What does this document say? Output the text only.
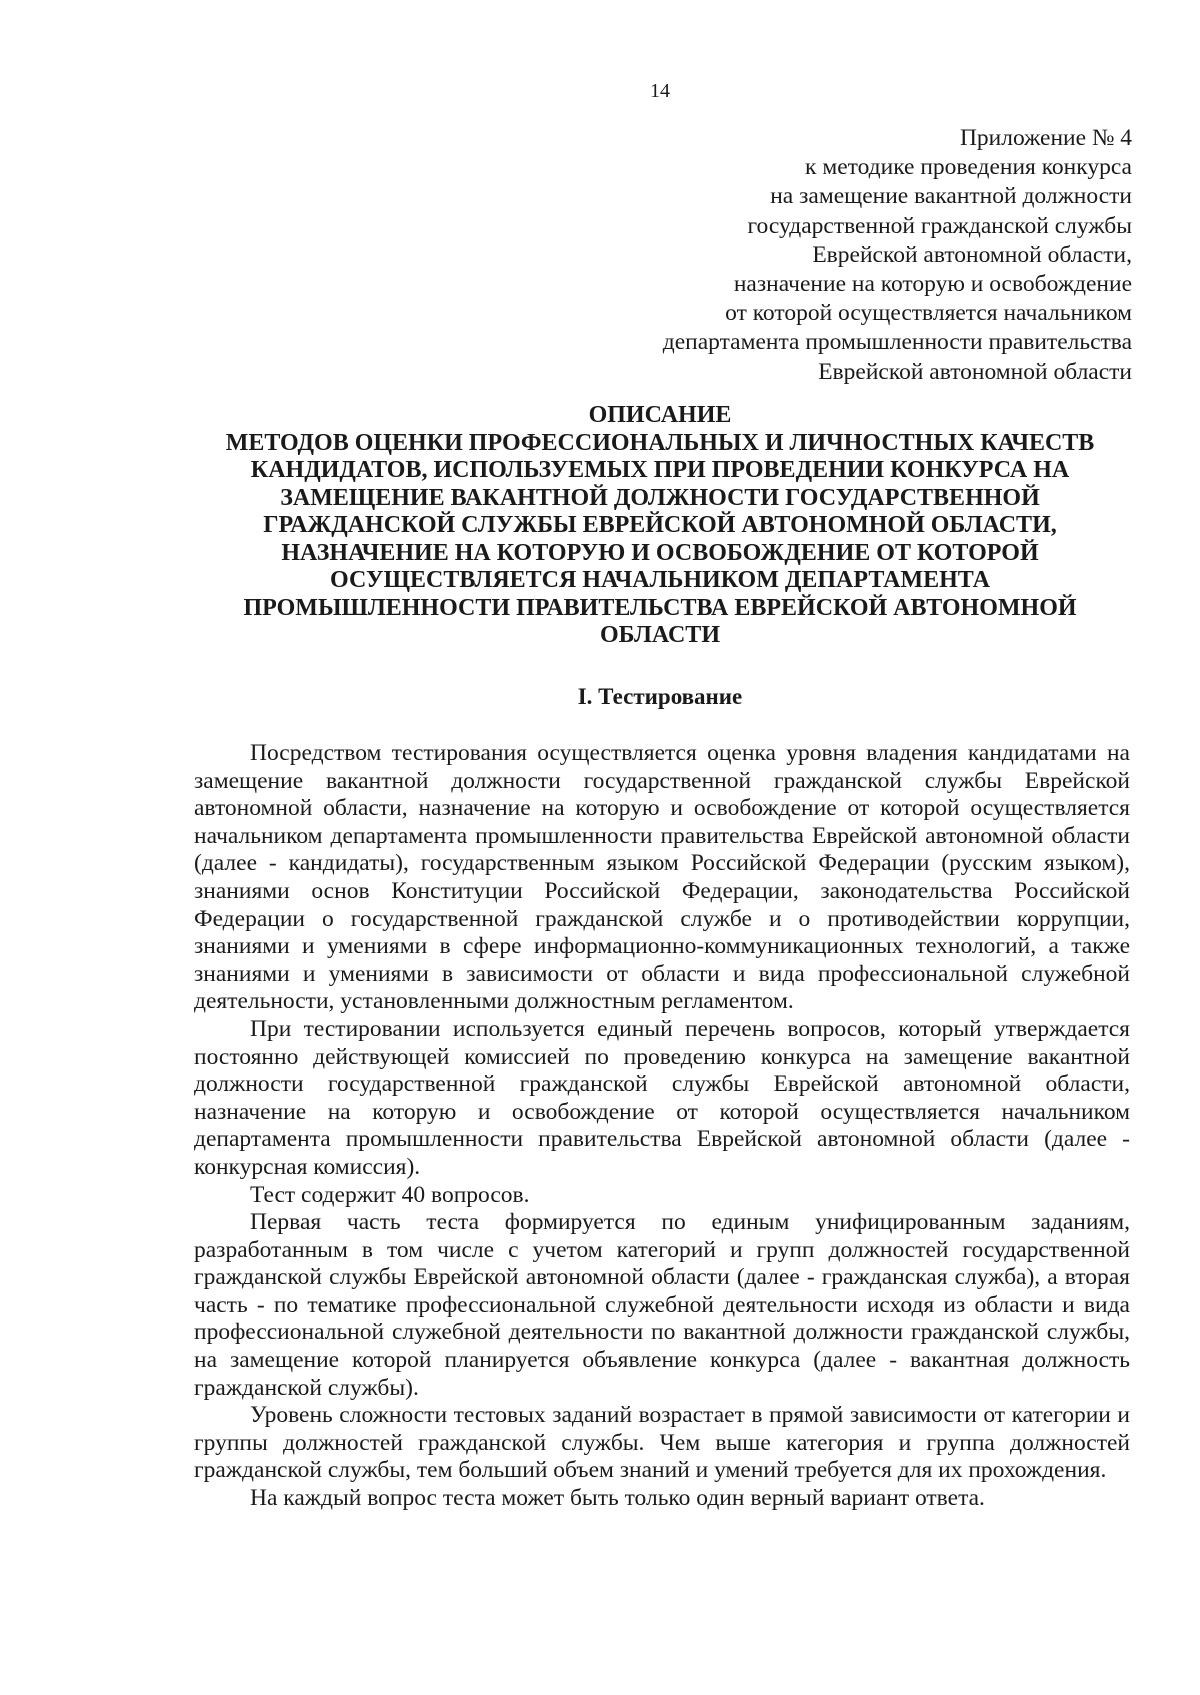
14
Приложение № 4
к методике проведения конкурса
на замещение вакантной должности
государственной гражданской службы
Еврейской автономной области,
назначение на которую и освобождение
от которой осуществляется начальником
департамента промышленности правительства
Еврейской автономной области
ОПИСАНИЕ
МЕТОДОВ ОЦЕНКИ ПРОФЕССИОНАЛЬНЫХ И ЛИЧНОСТНЫХ КАЧЕСТВ
КАНДИДАТОВ, ИСПОЛЬЗУЕМЫХ ПРИ ПРОВЕДЕНИИ КОНКУРСА НА
ЗАМЕЩЕНИЕ ВАКАНТНОЙ ДОЛЖНОСТИ ГОСУДАРСТВЕННОЙ
ГРАЖДАНСКОЙ СЛУЖБЫ ЕВРЕЙСКОЙ АВТОНОМНОЙ ОБЛАСТИ,
НАЗНАЧЕНИЕ НА КОТОРУЮ И ОСВОБОЖДЕНИЕ ОТ КОТОРОЙ
ОСУЩЕСТВЛЯЕТСЯ НАЧАЛЬНИКОМ ДЕПАРТАМЕНТА
ПРОМЫШЛЕННОСТИ ПРАВИТЕЛЬСТВА ЕВРЕЙСКОЙ АВТОНОМНОЙ
ОБЛАСТИ
I. Тестирование

Посредством тестирования осуществляется оценка уровня владения кандидатами на замещение вакантной должности государственной гражданской службы Еврейской автономной области, назначение на которую и освобождение от которой осуществляется начальником департамента промышленности правительства Еврейской автономной области (далее - кандидаты), государственным языком Российской Федерации (русским языком), знаниями основ Конституции Российской Федерации, законодательства Российской Федерации о государственной гражданской службе и о противодействии коррупции, знаниями и умениями в сфере информационно-коммуникационных технологий, а также знаниями и умениями в зависимости от области и вида профессиональной служебной деятельности, установленными должностным регламентом.

При тестировании используется единый перечень вопросов, который утверждается постоянно действующей комиссией по проведению конкурса на замещение вакантной должности государственной гражданской службы Еврейской автономной области, назначение на которую и освобождение от которой осуществляется начальником департамента промышленности правительства Еврейской автономной области (далее - конкурсная комиссия).

Тест содержит 40 вопросов.

Первая часть теста формируется по единым унифицированным заданиям, разработанным в том числе с учетом категорий и групп должностей государственной гражданской службы Еврейской автономной области (далее - гражданская служба), а вторая часть - по тематике профессиональной служебной деятельности исходя из области и вида профессиональной служебной деятельности по вакантной должности гражданской службы, на замещение которой планируется объявление конкурса (далее - вакантная должность гражданской службы).

Уровень сложности тестовых заданий возрастает в прямой зависимости от категории и группы должностей гражданской службы. Чем выше категория и группа должностей гражданской службы, тем больший объем знаний и умений требуется для их прохождения.

На каждый вопрос теста может быть только один верный вариант ответа.
